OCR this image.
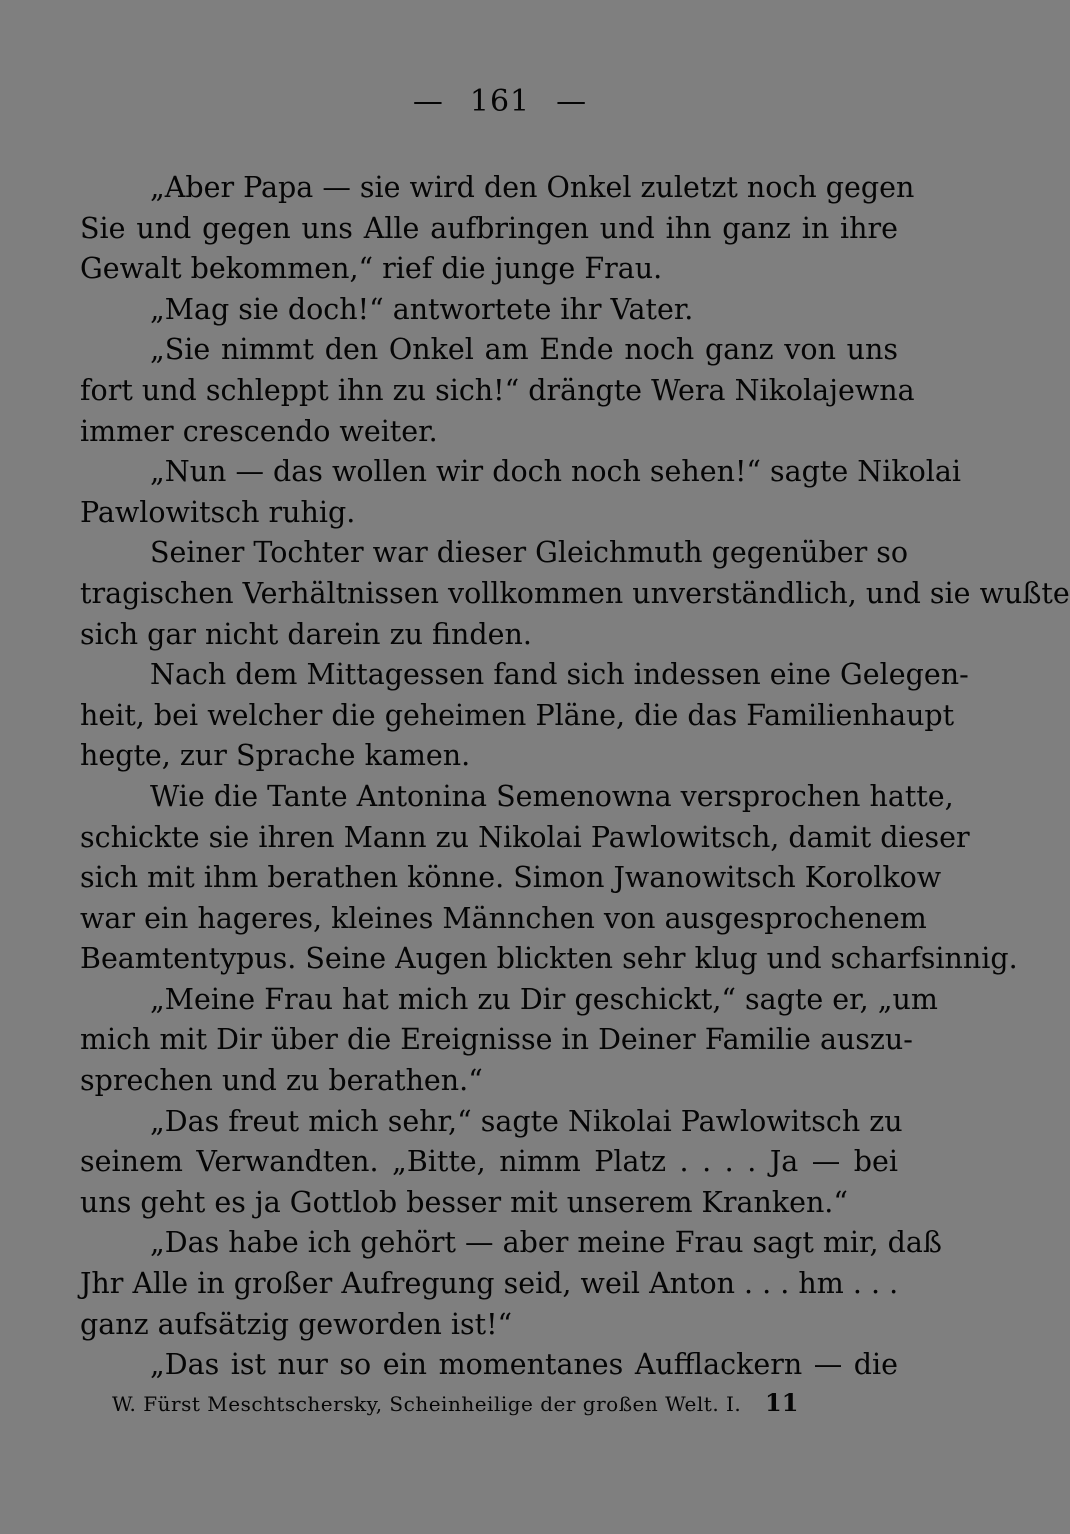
— 161 —
„Aber Papa — sie wird den Onkel zuletzt noch gegen
Sie und gegen uns Alle aufbringen und ihn ganz in ihre
Gewalt bekommen,“ rief die junge Frau.
„Mag sie doch!“ antwortete ihr Vater.
„Sie nimmt den Onkel am Ende noch ganz von uns
fort und schleppt ihn zu sich!“ drängte Wera Nikolajewna
immer crescendo weiter.
„Nun — das wollen wir doch noch sehen!“ sagte Nikolai
Pawlowitsch ruhig.
Seiner Tochter war dieser Gleichmuth gegenüber so
tragischen Verhältnissen vollkommen unverständlich, und sie wußte
sich gar nicht darein zu finden.
Nach dem Mittagessen fand sich indessen eine Gelegen-
heit, bei welcher die geheimen Pläne, die das Familienhaupt
hegte, zur Sprache kamen.
Wie die Tante Antonina Semenowna versprochen hatte,
schickte sie ihren Mann zu Nikolai Pawlowitsch, damit dieser
sich mit ihm berathen könne. Simon Jwanowitsch Korolkow
war ein hageres, kleines Männchen von ausgesprochenem
Beamtentypus. Seine Augen blickten sehr klug und scharfsinnig.
„Meine Frau hat mich zu Dir geschickt,“ sagte er, „um
mich mit Dir über die Ereignisse in Deiner Familie auszu-
sprechen und zu berathen.“
„Das freut mich sehr,“ sagte Nikolai Pawlowitsch zu
seinem Verwandten. „Bitte, nimm Platz . . . . Ja — bei
uns geht es ja Gottlob besser mit unserem Kranken.“
„Das habe ich gehört — aber meine Frau sagt mir, daß
Jhr Alle in großer Aufregung seid, weil Anton . . . hm . . .
ganz aufsätzig geworden ist!“
„Das ist nur so ein momentanes Aufflackern — die
W. Fürst Meschtschersky, Scheinheilige der großen Welt. I. 11
